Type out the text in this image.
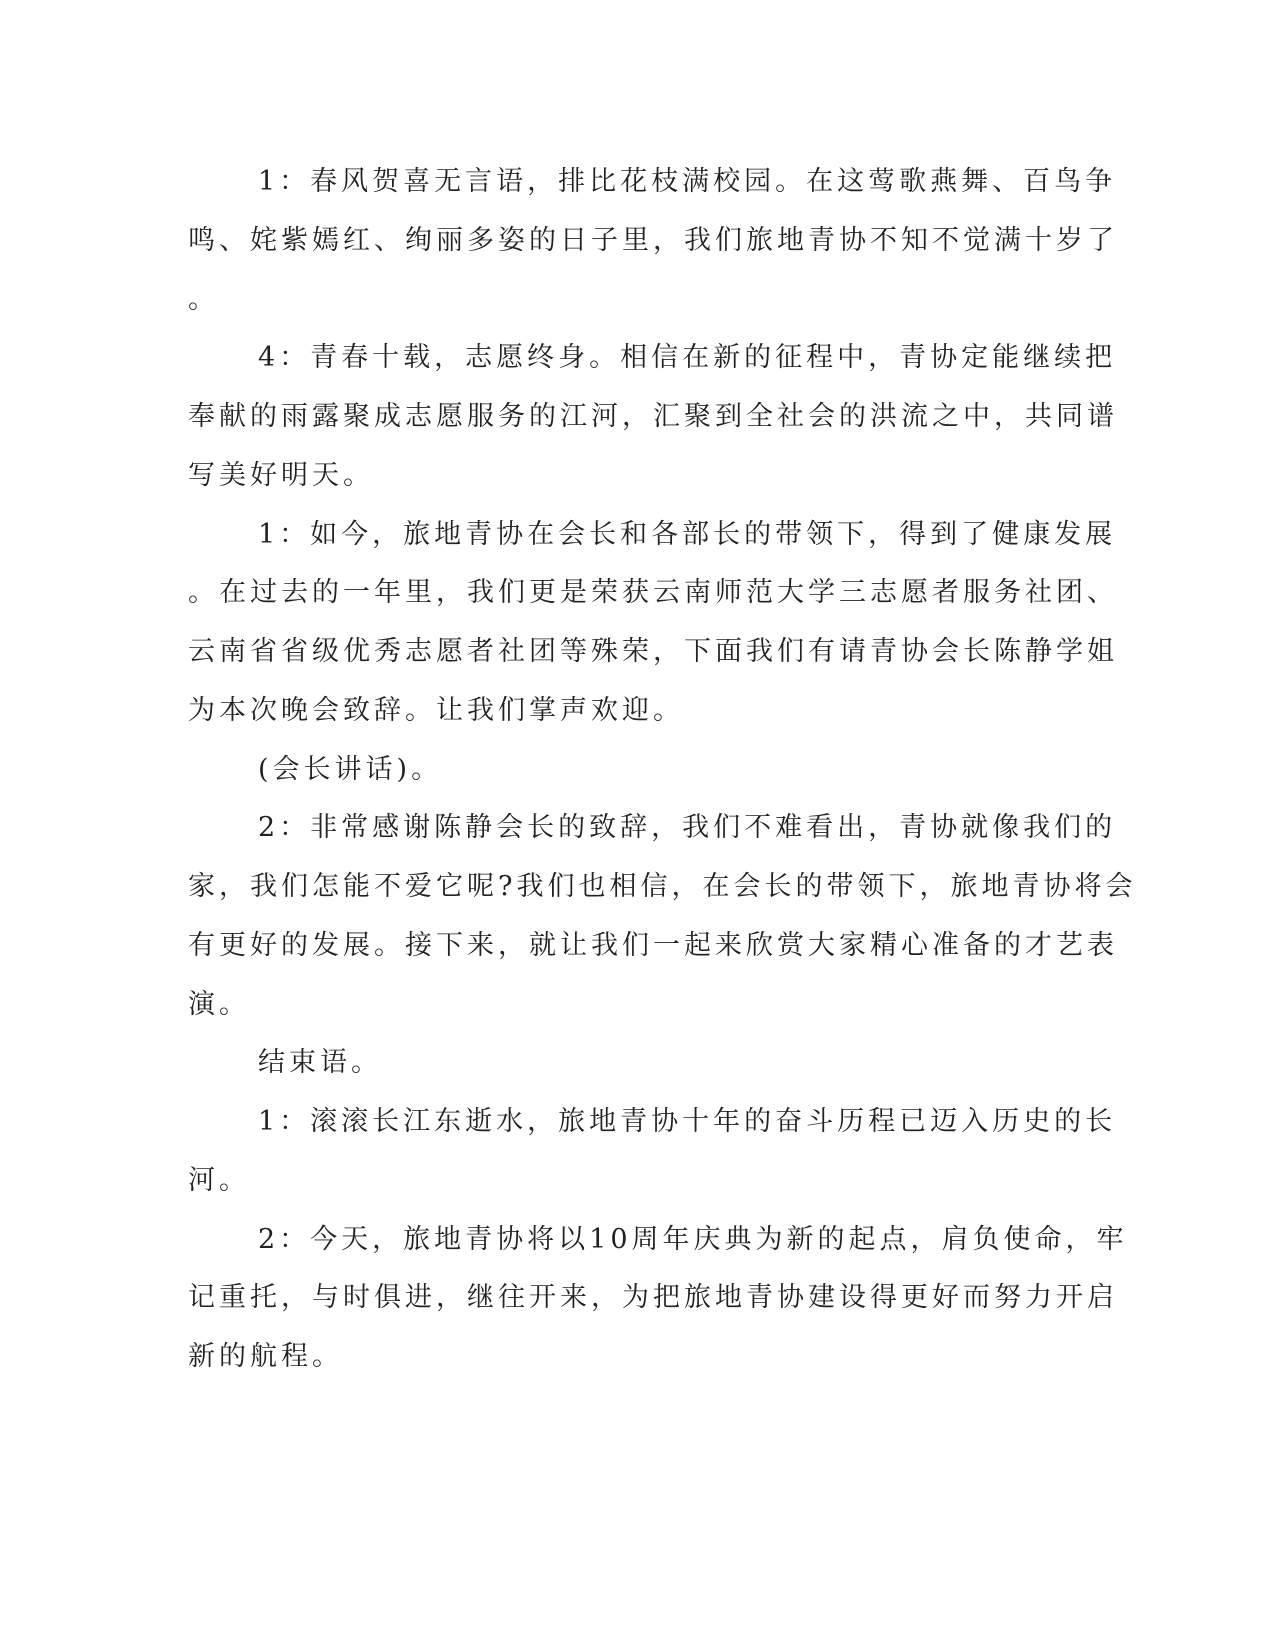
1：春风贺喜无言语，排比花枝满校园。在这莺歌燕舞、百鸟争
鸣、姹紫嫣红、绚丽多姿的日子里，我们旅地青协不知不觉满十岁了
。
4：青春十载，志愿终身。相信在新的征程中，青协定能继续把
奉献的雨露聚成志愿服务的江河，汇聚到全社会的洪流之中，共同谱
写美好明天。
1：如今，旅地青协在会长和各部长的带领下，得到了健康发展
。在过去的一年里，我们更是荣获云南师范大学三志愿者服务社团、
云南省省级优秀志愿者社团等殊荣，下面我们有请青协会长陈静学姐
为本次晚会致辞。让我们掌声欢迎。
(会长讲话)。
2：非常感谢陈静会长的致辞，我们不难看出，青协就像我们的
家，我们怎能不爱它呢?我们也相信，在会长的带领下，旅地青协将会
有更好的发展。接下来，就让我们一起来欣赏大家精心准备的才艺表
演。
结束语。
1：滚滚长江东逝水，旅地青协十年的奋斗历程已迈入历史的长
河。
2：今天，旅地青协将以10周年庆典为新的起点，肩负使命，牢
记重托，与时俱进，继往开来，为把旅地青协建设得更好而努力开启
新的航程。
